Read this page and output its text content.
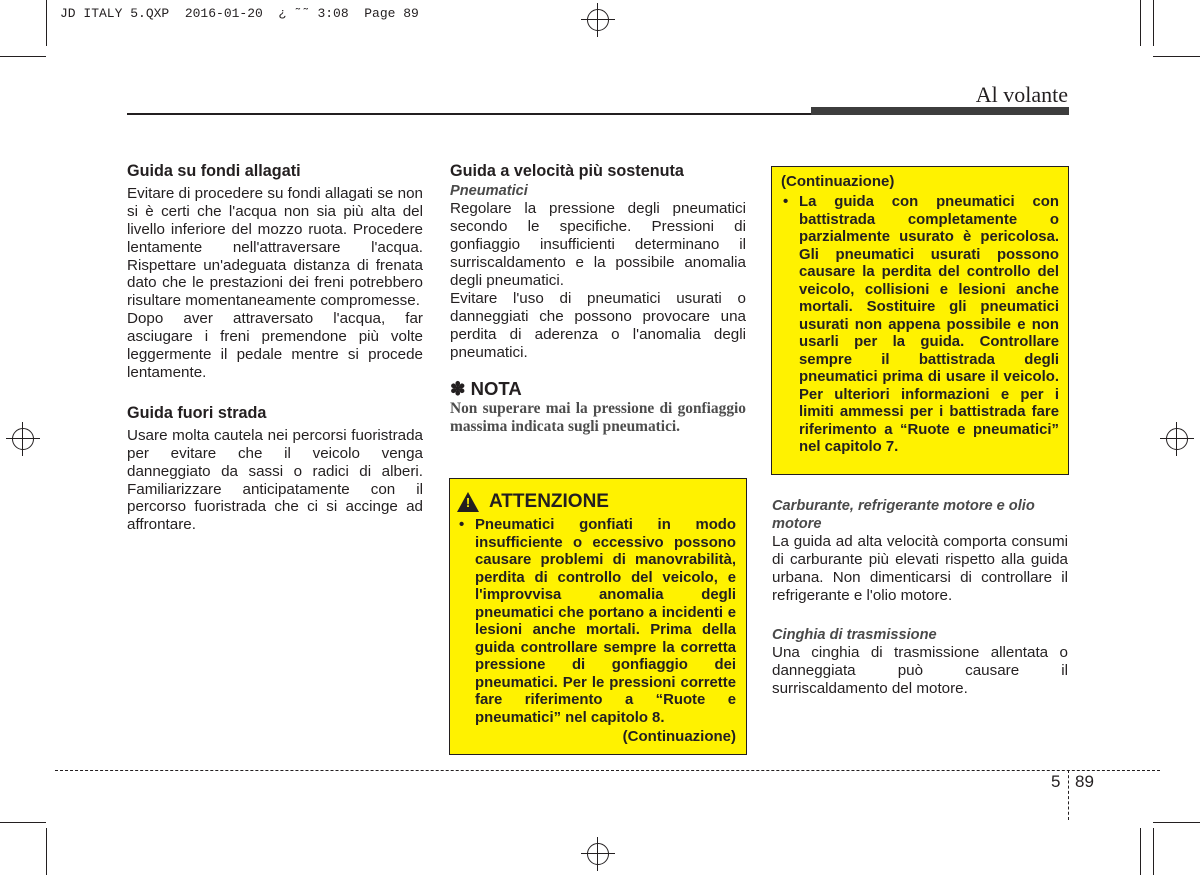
JD ITALY 5.QXP  2016-01-20  ¿ ˜˜ 3:08  Page 89
Al volante
Guida su fondi allagati

Evitare di procedere su fondi allagati se non si è certi che l'acqua non sia più alta del livello inferiore del mozzo ruota. Procedere lentamente nell'attraversare l'acqua. Rispettare un'adeguata distanza di frenata dato che le prestazioni dei freni potrebbero risultare momentaneamente compromesse.

Dopo aver attraversato l'acqua, far asciugare i freni premendone più volte leggermente il pedale mentre si procede lentamente.

Guida fuori strada

Usare molta cautela nei percorsi fuoristrada per evitare che il veicolo venga danneggiato da sassi o radici di alberi. Familiarizzare anticipatamente con il percorso fuoristrada che ci si accinge ad affrontare.

Guida a velocità più sostenuta
Pneumatici

Regolare la pressione degli pneumatici secondo le specifiche. Pressioni di gonfiaggio insufficienti determinano il surriscaldamento e la possibile anomalia degli pneumatici.

Evitare l'uso di pneumatici usurati o danneggiati che possono provocare una perdita di aderenza o l'anomalia degli pneumatici.

✽ NOTA

Non superare mai la pressione di gonfiaggio massima indicata sugli pneumatici.

! ATTENZIONE
• Pneumatici gonfiati in modo insufficiente o eccessivo possono causare problemi di manovrabilità, perdita di controllo del veicolo, e l'improvvisa anomalia degli pneumatici che portano a incidenti e lesioni anche mortali. Prima della guida controllare sempre la corretta pressione di gonfiaggio dei pneumatici. Per le pressioni corrette fare riferimento a “Ruote e pneumatici” nel capitolo 8.
(Continuazione)
(Continuazione)
• La guida con pneumatici con battistrada completamente o parzialmente usurato è pericolosa. Gli pneumatici usurati possono causare la perdita del controllo del veicolo, collisioni e lesioni anche mortali. Sostituire gli pneumatici usurati non appena possibile e non usarli per la guida. Controllare sempre il battistrada degli pneumatici prima di usare il veicolo. Per ulteriori informazioni e per i limiti ammessi per i battistrada fare riferimento a “Ruote e pneumatici” nel capitolo 7.
Carburante, refrigerante motore e olio motore

La guida ad alta velocità comporta consumi di carburante più elevati rispetto alla guida urbana. Non dimenticarsi di controllare il refrigerante e l'olio motore.

Cinghia di trasmissione

Una cinghia di trasmissione allentata o danneggiata può causare il surriscaldamento del motore.

5 89
